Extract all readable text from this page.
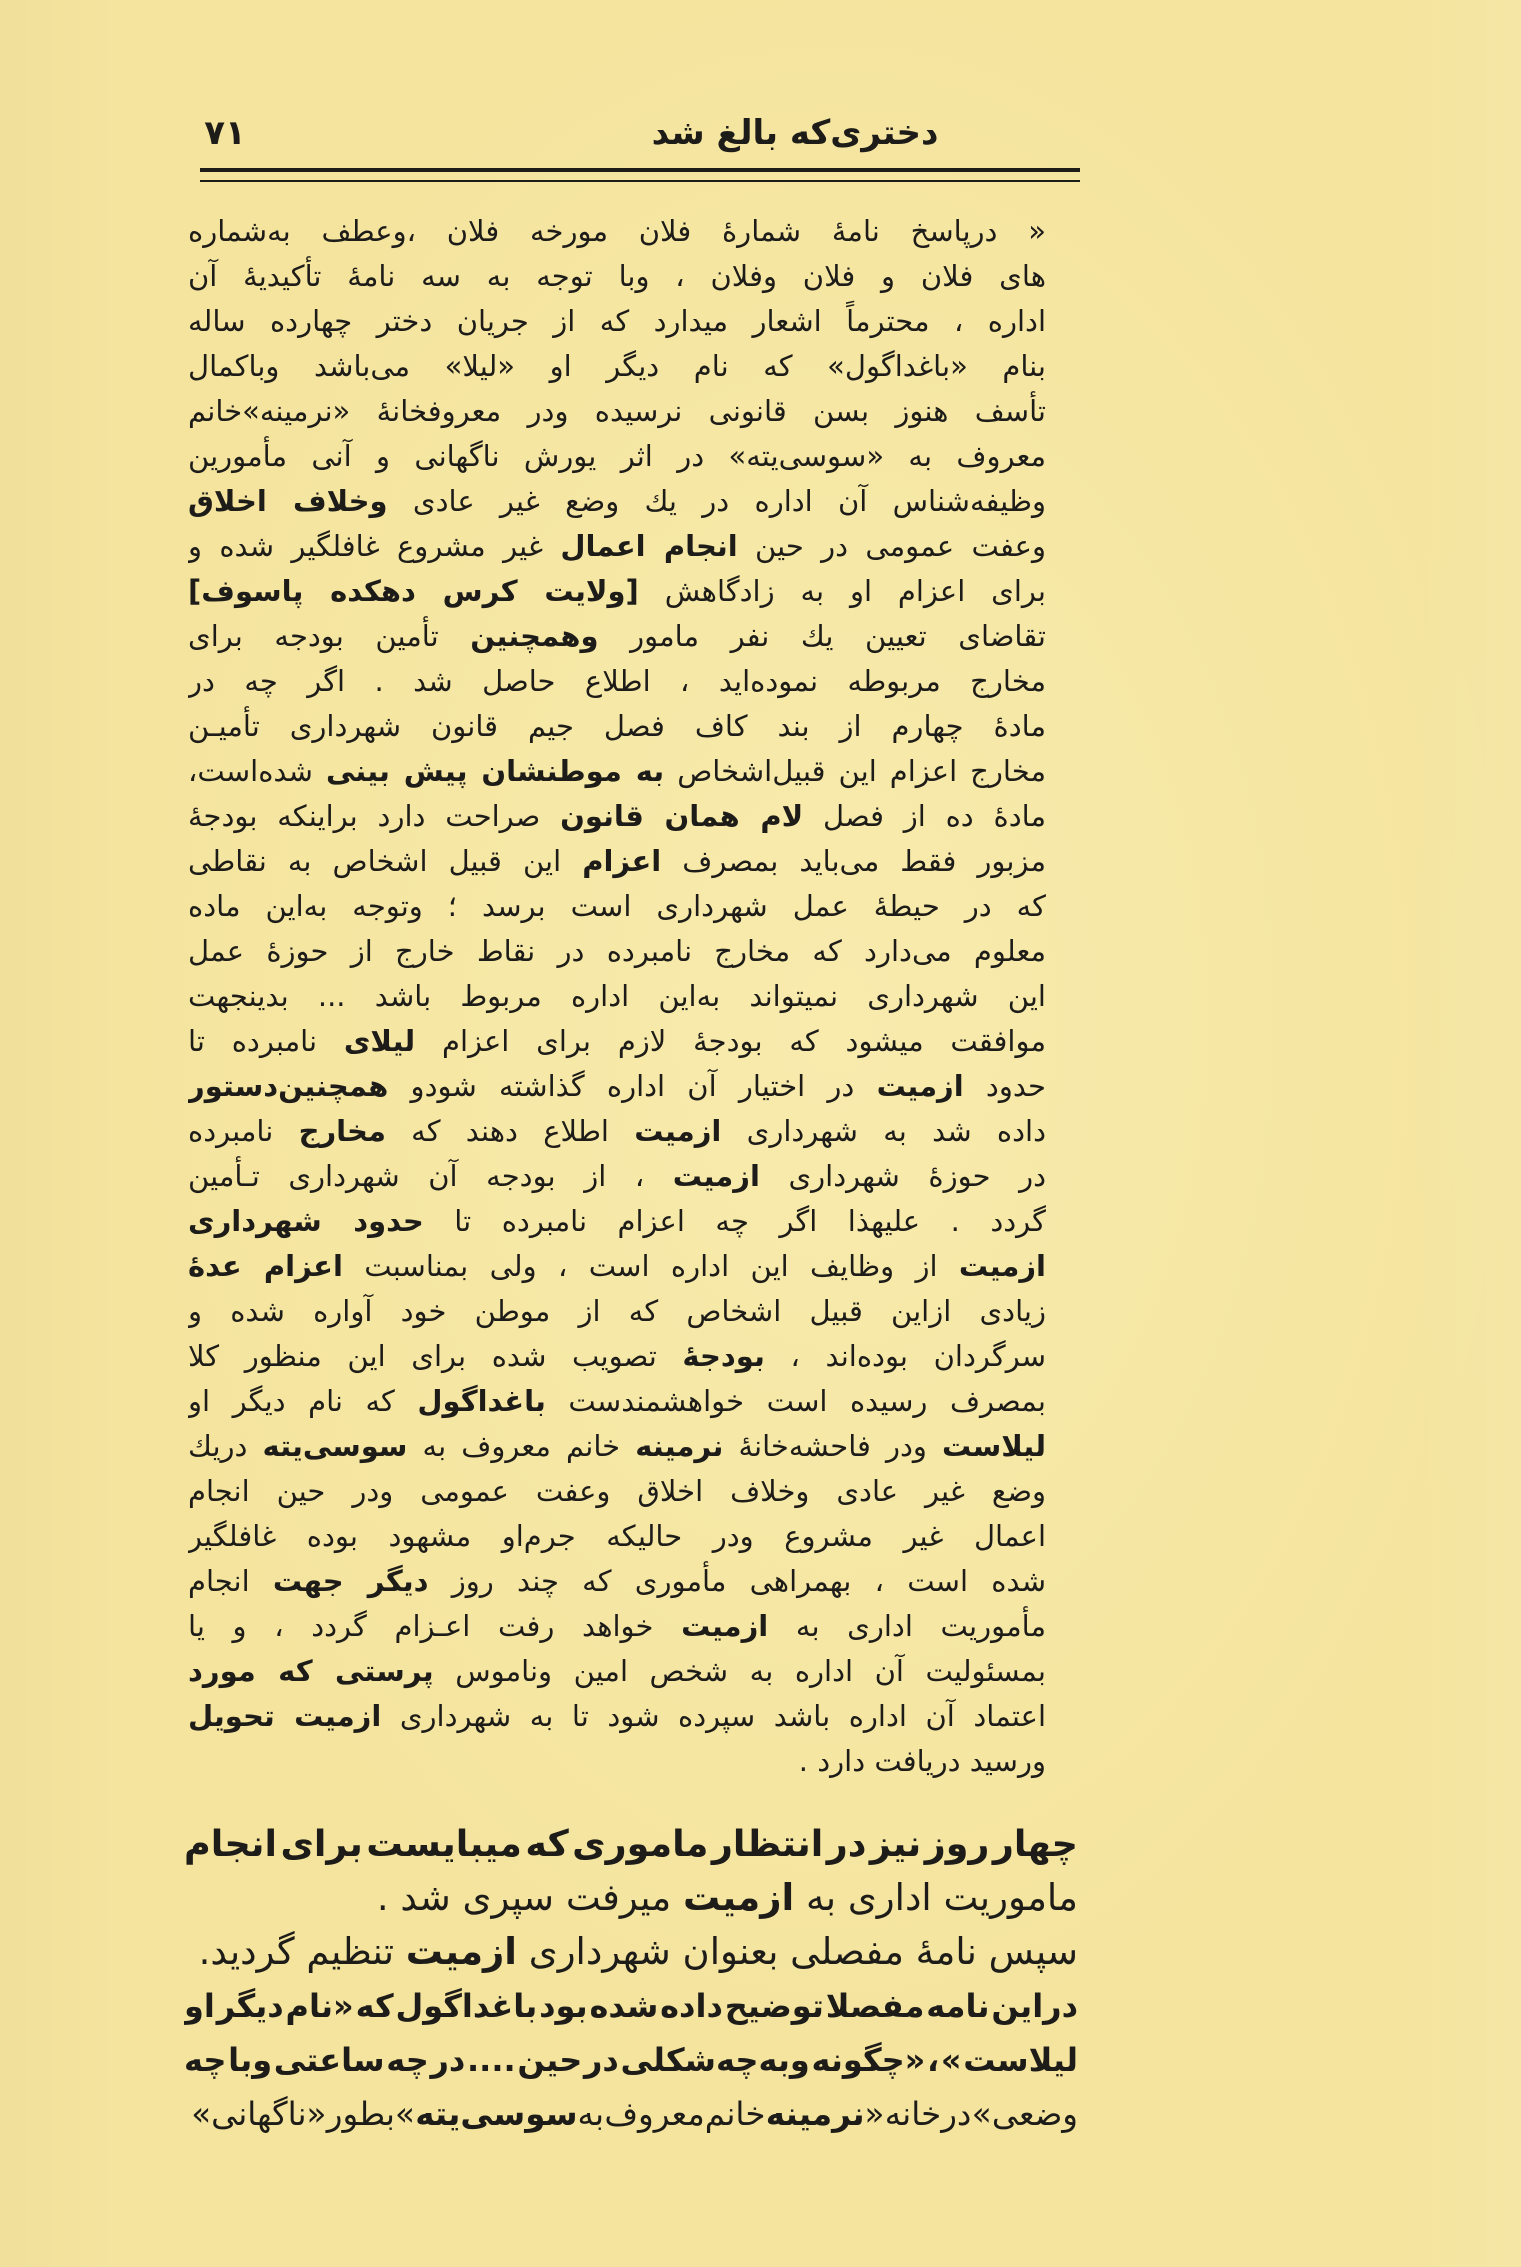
دختری‌که بالغ شد
۷۱
« درپاسخ نامهٔ شمارهٔ فلان مورخه فلان ،وعطف به‌شماره
های فلان و فلان وفلان ، وبا توجه به سه نامهٔ تأکیدیهٔ آن
اداره ، محترماً اشعار میدارد که از جریان دختر چهارده ساله
بنام «باغداگول» که نام دیگر او «لیلا» می‌باشد وباکمال
تأسف هنوز بسن قانونی نرسیده ودر معروفخانهٔ «نرمینه»خانم
معروف به «سوسی‌یته» در اثر یورش ناگهانی و آنی مأمورین
وظیفه‌شناس آن اداره در یك وضع غیر عادی وخلاف اخلاق
وعفت عمومی در حین انجام اعمال غیر مشروع غافلگیر شده و
برای اعزام او به زادگاهش [ولایت کرس دهکده پاسوف]
تقاضای تعیین یك نفر مامور وهمچنین تأمین بودجه برای
مخارج مربوطه نموده‌اید ، اطلاع حاصل شد . اگر چه در
مادهٔ چهارم از بند کاف فصل جیم قانون شهرداری تأمیـن
مخارج اعزام این قبیل‌اشخاص به موطنشان پیش بینی شده‌است،
مادهٔ ده از فصل لام همان قانون صراحت دارد براینکه بودجهٔ
مزبور فقط می‌باید بمصرف اعزام این قبیل اشخاص به نقاطی
که در حیطهٔ عمل شهرداری است برسد ؛ وتوجه به‌این ماده
معلوم می‌دارد که مخارج نامبرده در نقاط خارج از حوزهٔ عمل
این شهرداری نمیتواند به‌این اداره مربوط باشد ... بدینجهت
موافقت میشود که بودجهٔ لازم برای اعزام لیلای نامبرده تا
حدود ازمیت در اختیار آن اداره گذاشته شودو همچنین‌دستور
داده شد به شهرداری ازمیت اطلاع دهند که مخارج نامبرده
در حوزهٔ شهرداری ازمیت ، از بودجه آن شهرداری تـأمین
گردد . علیهذا اگر چه اعزام نامبرده تا حدود شهرداری
ازمیت از وظایف این اداره است ، ولی بمناسبت اعزام عدهٔ
زیادی ازاین قبیل اشخاص که از موطن خود آواره شده و
سرگردان بوده‌اند ، بودجهٔ تصویب شده برای این منظور کلا
بمصرف رسیده است خواهشمندست باغداگول که نام دیگر او
لیلاست ودر فاحشه‌خانهٔ نرمینه خانم معروف به سوسی‌یته دریك
وضع غیر عادی وخلاف اخلاق وعفت عمومی ودر حین انجام
اعمال غیر مشروع ودر حالیکه جرم‌او مشهود بوده غافلگیر
شده است ، بهمراهی مأموری که چند روز دیگر جهت انجام
مأموریت اداری به ازمیت خواهد رفت اعـزام گردد ، و یا
بمسئولیت آن اداره به شخص امین وناموس پرستی که مورد
اعتماد آن اداره باشد سپرده شود تا به شهرداری ازمیت تحویل
ورسید دریافت دارد .
چهار روز نیز در انتظار ماموری که میبایست برای انجام
ماموریت اداری به ازمیت میرفت سپری شد .
سپس نامهٔ مفصلی بعنوان شهرداری ازمیت تنظیم گردید.
دراین نامه مفصلا توضیح داده شده بود باغداگول که «نام دیگر او
لیلاست » ، «چگونه وبه‌چه‌شکلی در حین .... در چه ساعتی وبا چه
وضعی » درخانه «نرمینه خانم‌معروف به‌سوسی‌یته »بطور «ناگهانی»
